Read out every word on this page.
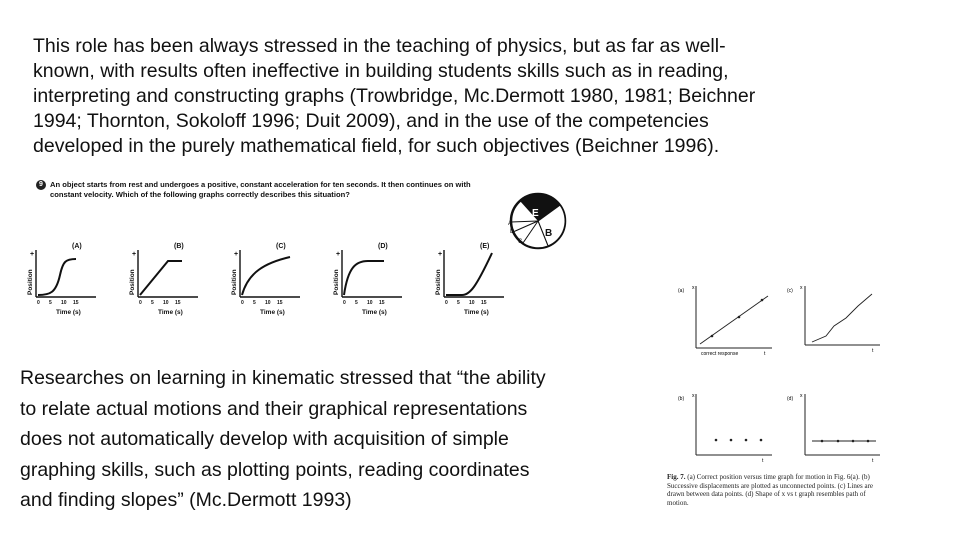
This role has been always stressed in the teaching of physics, but as far as well-
known, with results often ineffective in building students skills such as in reading,
interpreting and constructing graphs (Trowbridge, Mc.Dermott 1980, 1981; Beichner
1994; Thornton, Sokoloff 1996; Duit 2009), and in the use of the competencies
developed in the purely mathematical field, for such objectives (Beichner 1996).
9 An object starts from rest and undergoes a positive, constant acceleration for ten seconds. It then continues on with
constant velocity. Which of the following graphs correctly describes this situation?
(A)
+
Position
0 5 10 15
Time (s)
(B)
+
Position
0 5 10 15
Time (s)
(C)
+
Position
0 5 10 15
Time (s)
(D)
+
Position
0 5 10 15
Time (s)
(E)
+
Position
0 5 10 15
Time (s)
E
B
C
D
A
Researches on learning in kinematic stressed that “the ability
to relate actual motions and their graphical representations
does not automatically develop with acquisition of simple
graphing skills, such as plotting points, reading coordinates
and finding slopes” (Mc.Dermott 1993)
(a) x
correct response	t
(c) x
t
(b) x
t
(d) x
t
Fig. 7. (a) Correct position versus time graph for motion in Fig. 6(a). (b)
Successive displacements are plotted as unconnected points. (c) Lines are
drawn between data points. (d) Shape of x vs t graph resembles path of
motion.
